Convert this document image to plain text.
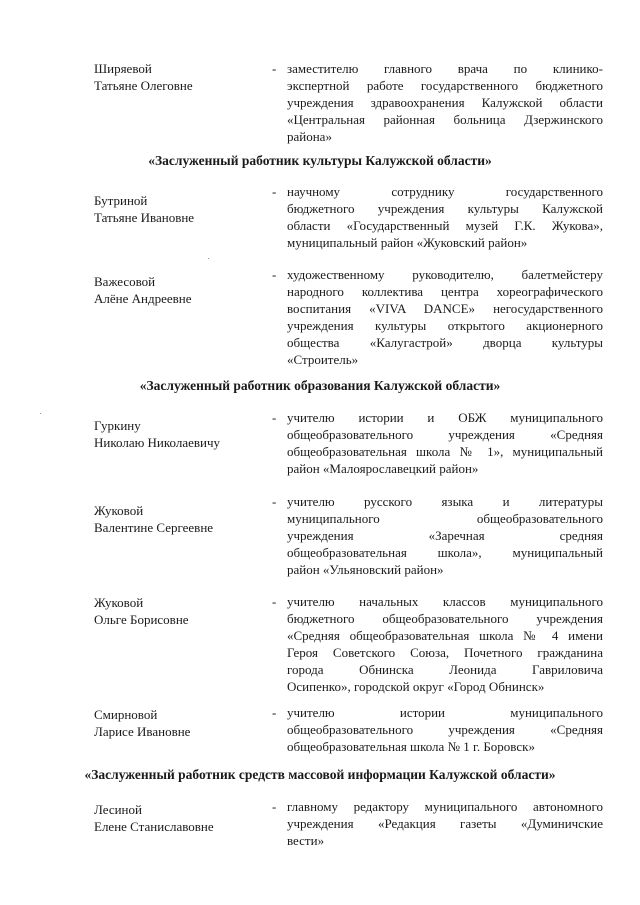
Ширяевой
Татьяне Олеговне
- заместителю главного врача по клинико-
экспертной работе государственного бюджетного
учреждения здравоохранения Калужской области
«Центральная районная больница Дзержинского
района»
«Заслуженный работник культуры Калужской области»
Бутриной
Татьяне Ивановне
- научному сотруднику государственного
бюджетного учреждения культуры Калужской
области «Государственный музей Г.К. Жукова»,
муниципальный район «Жуковский район»
Важесовой
Алёне Андреевне
- художественному руководителю, балетмейстеру
народного коллектива центра хореографического
воспитания «VIVA DANCE» негосударственного
учреждения культуры открытого акционерного
общества «Калугастрой» дворца культуры
«Строитель»
«Заслуженный работник образования Калужской области»
Гуркину
Николаю Николаевичу
- учителю истории и ОБЖ муниципального
общеобразовательного учреждения «Средняя
общеобразовательная школа № 1», муниципальный
район «Малоярославецкий район»
Жуковой
Валентине Сергеевне
- учителю русского языка и литературы
муниципального общеобразовательного
учреждения «Заречная средняя
общеобразовательная школа», муниципальный
район «Ульяновский район»
Жуковой
Ольге Борисовне
- учителю начальных классов муниципального
бюджетного общеобразовательного учреждения
«Средняя общеобразовательная школа № 4 имени
Героя Советского Союза, Почетного гражданина
города Обнинска Леонида Гавриловича
Осипенко», городской округ «Город Обнинск»
Смирновой
Ларисе Ивановне
- учителю истории муниципального
общеобразовательного учреждения «Средняя
общеобразовательная школа № 1 г. Боровск»
«Заслуженный работник средств массовой информации Калужской области»
Лесиной
Елене Станиславовне
- главному редактору муниципального автономного
учреждения «Редакция газеты «Думиничские
вести»
